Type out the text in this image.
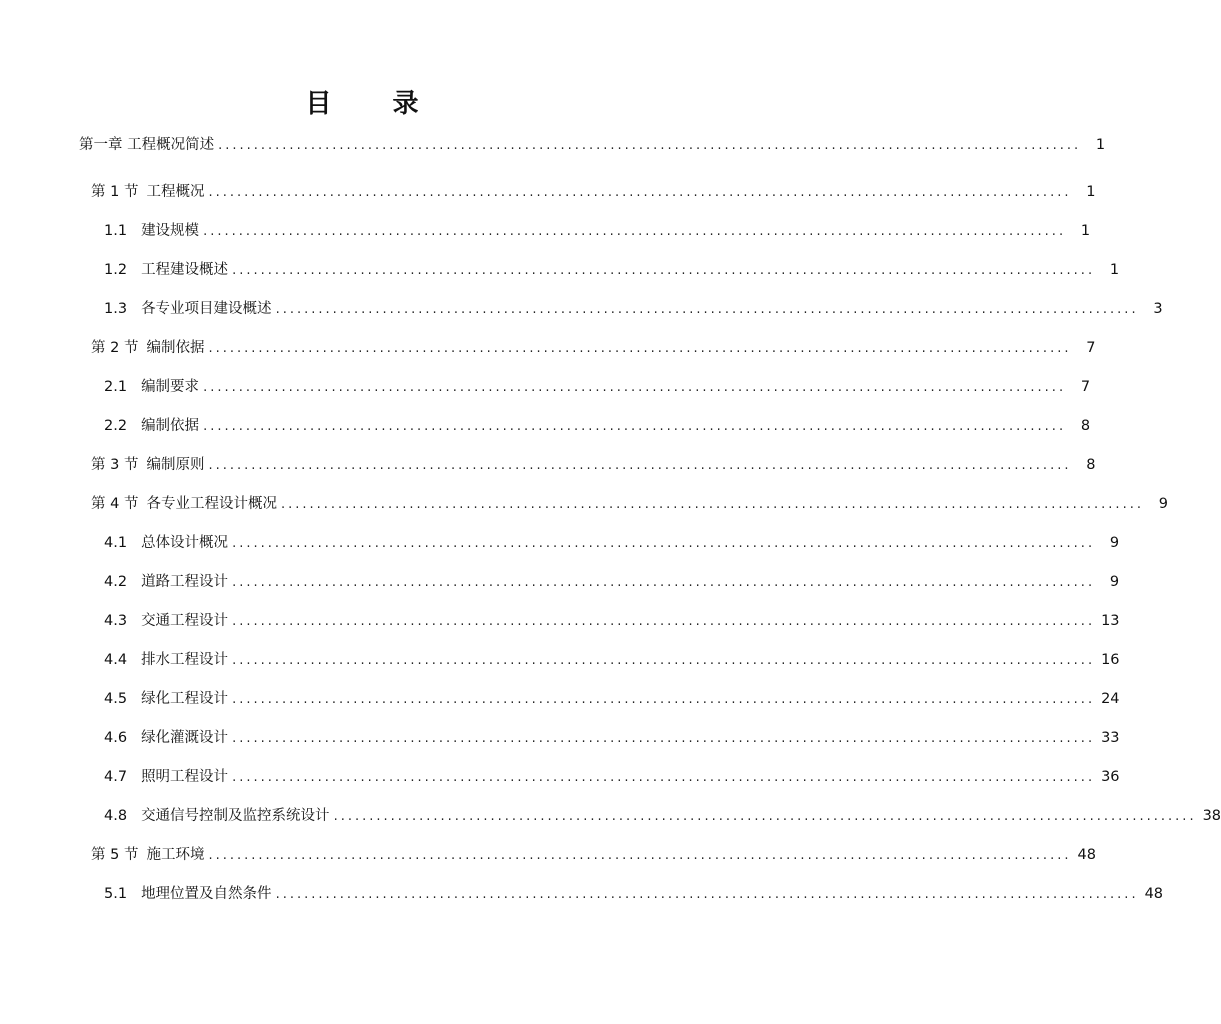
目 录
第一章 工程概况简述 .........................................................................................................................	1
第 1 节 工程概况 .........................................................................................................................	1
1.1 建设规模 .........................................................................................................................	1
1.2 工程建设概述 .........................................................................................................................	1
1.3 各专业项目建设概述 .........................................................................................................................	3
第 2 节 编制依据 .........................................................................................................................	7
2.1 编制要求 .........................................................................................................................	7
2.2 编制依据 .........................................................................................................................	8
第 3 节 编制原则 .........................................................................................................................	8
第 4 节 各专业工程设计概况 .........................................................................................................................	9
4.1 总体设计概况 .........................................................................................................................	9
4.2 道路工程设计 .........................................................................................................................	9
4.3 交通工程设计 ......................................................................................................................... 13
4.4 排水工程设计 ......................................................................................................................... 16
4.5 绿化工程设计 ......................................................................................................................... 24
4.6 绿化灌溉设计 ......................................................................................................................... 33
4.7 照明工程设计 ......................................................................................................................... 36
4.8 交通信号控制及监控系统设计 ......................................................................................................................... 38
第 5 节 施工环境 ......................................................................................................................... 48
5.1 地理位置及自然条件 ......................................................................................................................... 48
